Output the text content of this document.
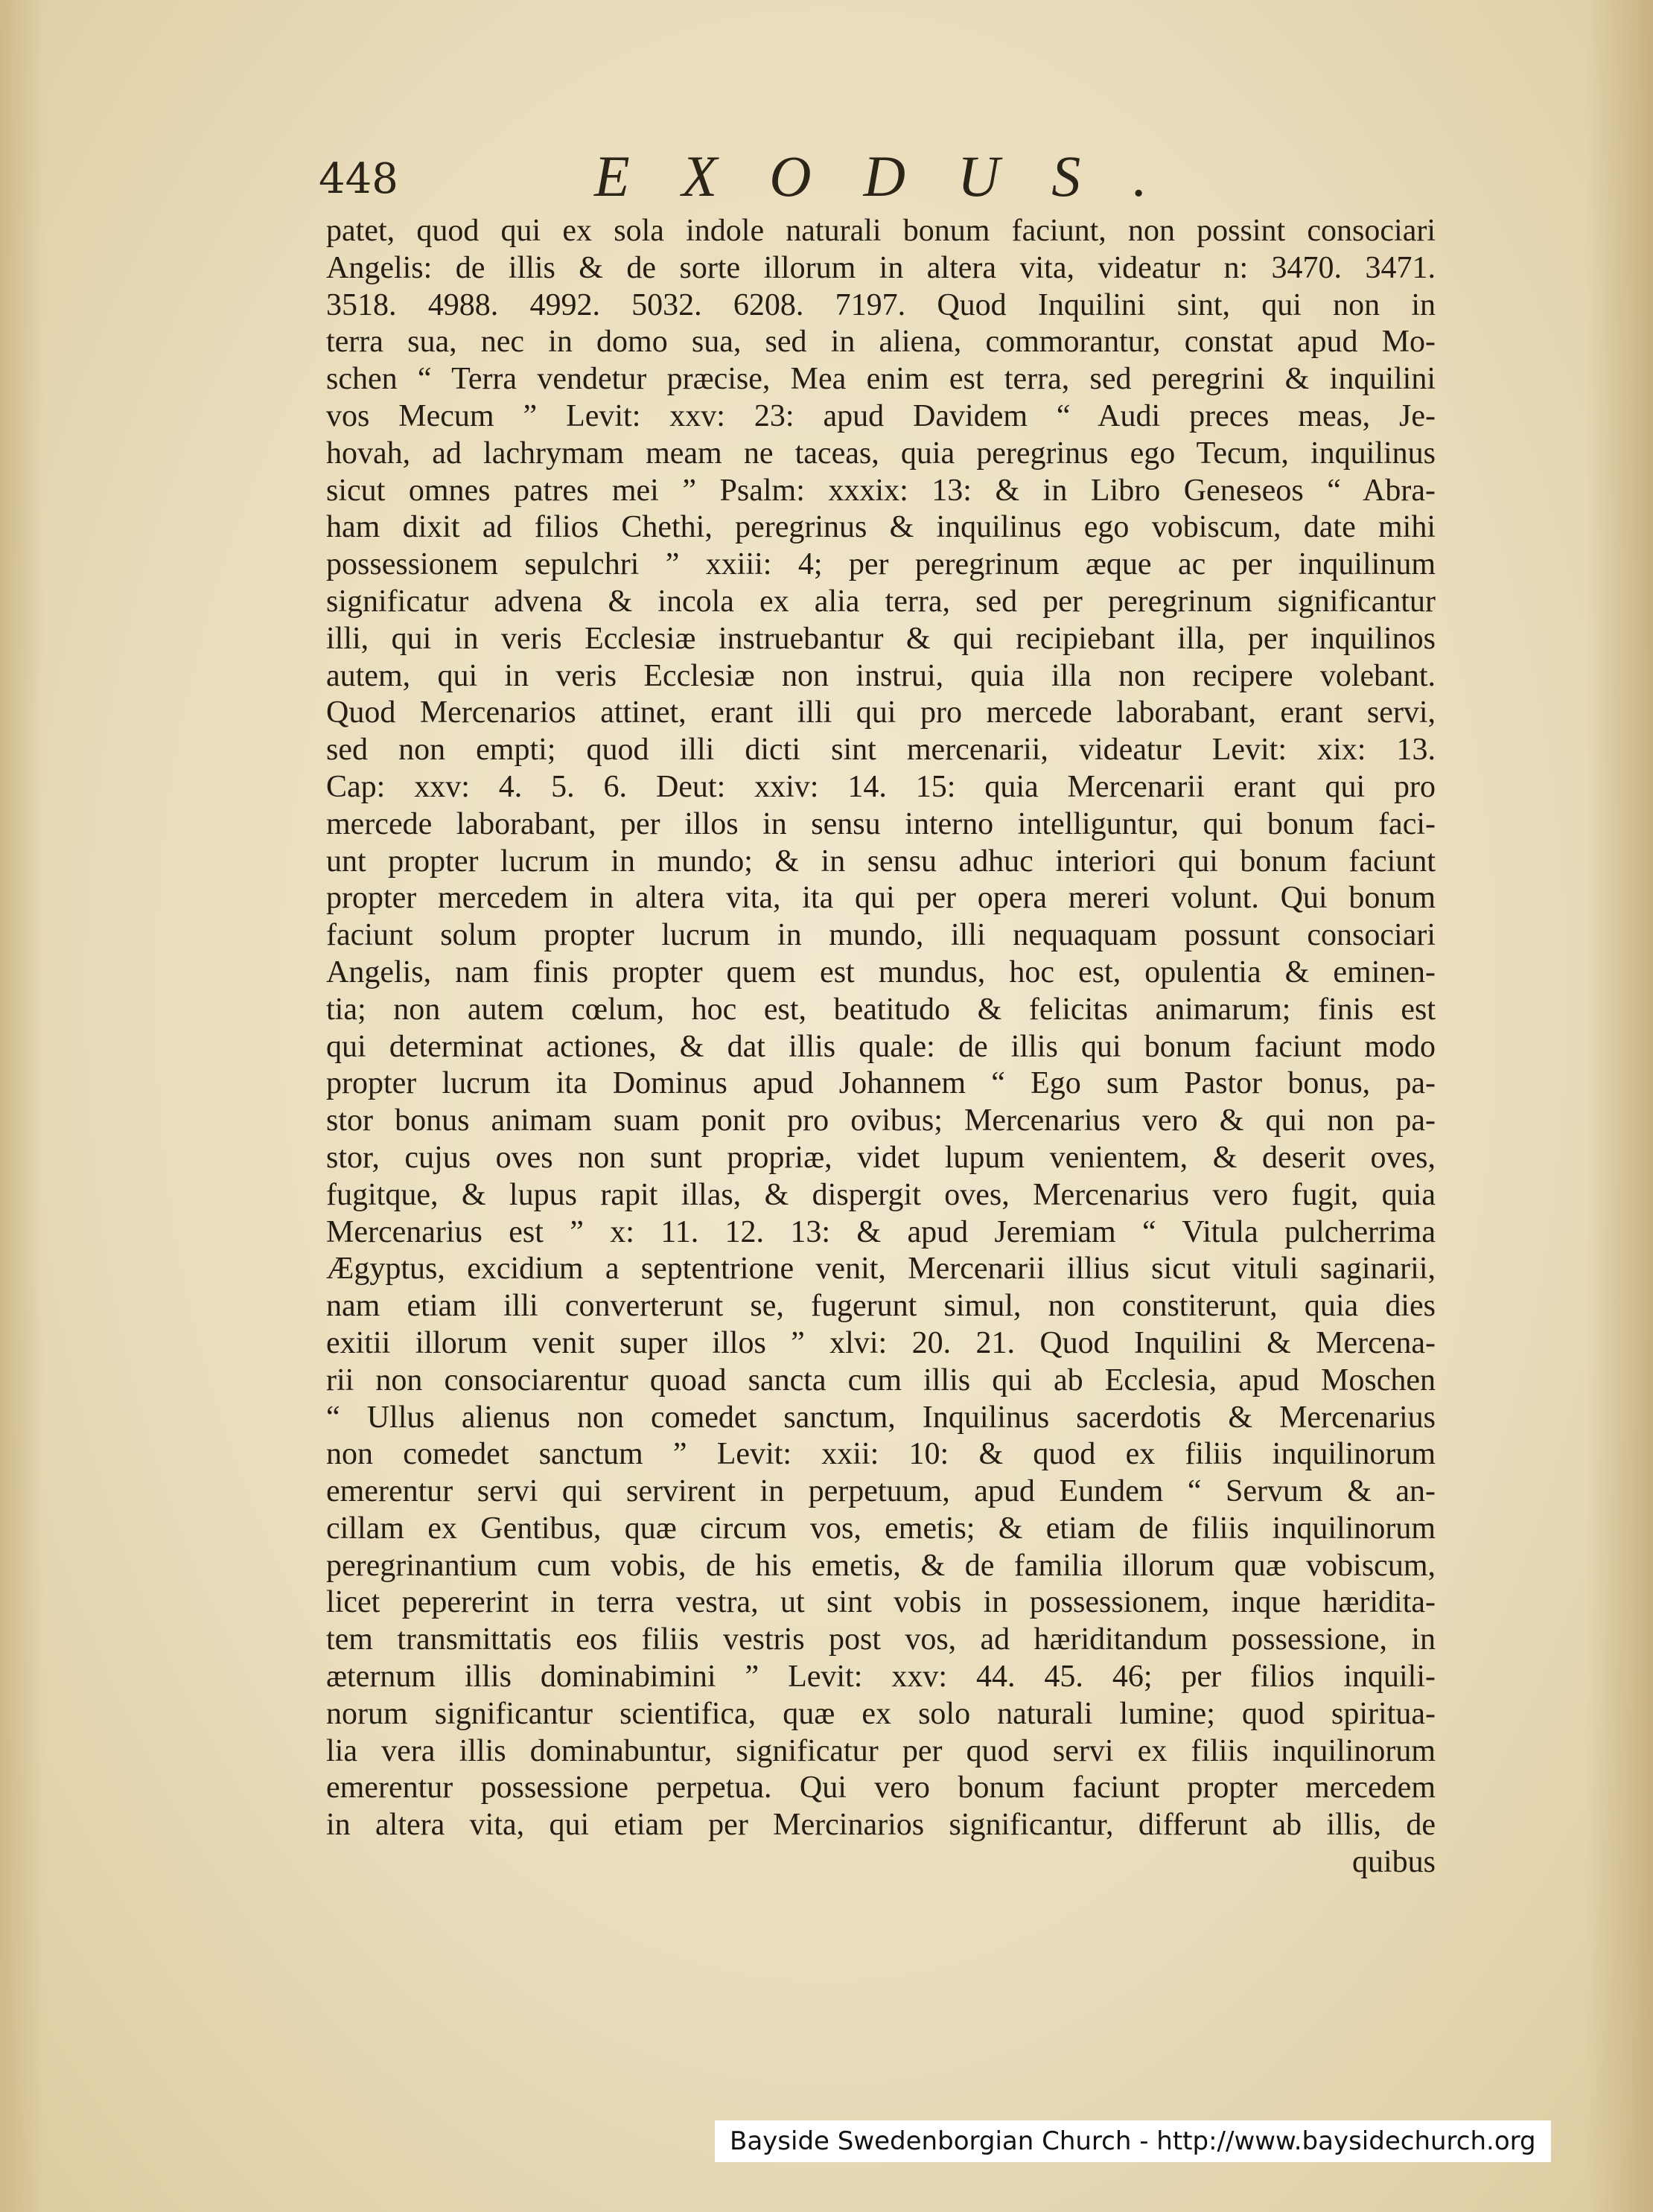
448	EXODUS.
patet, quod qui ex sola indole naturali bonum faciunt, non possint consociari
Angelis: de illis & de sorte illorum in altera vita, videatur n: 3470. 3471.
3518. 4988. 4992. 5032. 6208. 7197. Quod Inquilini sint, qui non in
terra sua, nec in domo sua, sed in aliena, commorantur, constat apud Mo-
schen “ Terra vendetur præcise, Mea enim est terra, sed peregrini & inquilini
vos Mecum ” Levit: xxv: 23: apud Davidem “ Audi preces meas, Je-
hovah, ad lachrymam meam ne taceas, quia peregrinus ego Tecum, inquilinus
sicut omnes patres mei ” Psalm: xxxix: 13: & in Libro Geneseos “ Abra-
ham dixit ad filios Chethi, peregrinus & inquilinus ego vobiscum, date mihi
possessionem sepulchri ” xxiii: 4; per peregrinum æque ac per inquilinum
significatur advena & incola ex alia terra, sed per peregrinum significantur
illi, qui in veris Ecclesiæ instruebantur & qui recipiebant illa, per inquilinos
autem, qui in veris Ecclesiæ non instrui, quia illa non recipere volebant.
Quod Mercenarios attinet, erant illi qui pro mercede laborabant, erant servi,
sed non empti; quod illi dicti sint mercenarii, videatur Levit: xix: 13.
Cap: xxv: 4. 5. 6. Deut: xxiv: 14. 15: quia Mercenarii erant qui pro
mercede laborabant, per illos in sensu interno intelliguntur, qui bonum faci-
unt propter lucrum in mundo; & in sensu adhuc interiori qui bonum faciunt
propter mercedem in altera vita, ita qui per opera mereri volunt. Qui bonum
faciunt solum propter lucrum in mundo, illi nequaquam possunt consociari
Angelis, nam finis propter quem est mundus, hoc est, opulentia & eminen-
tia; non autem cœlum, hoc est, beatitudo & felicitas animarum; finis est
qui determinat actiones, & dat illis quale: de illis qui bonum faciunt modo
propter lucrum ita Dominus apud Johannem “ Ego sum Pastor bonus, pa-
stor bonus animam suam ponit pro ovibus; Mercenarius vero & qui non pa-
stor, cujus oves non sunt propriæ, videt lupum venientem, & deserit oves,
fugitque, & lupus rapit illas, & dispergit oves, Mercenarius vero fugit, quia
Mercenarius est ” x: 11. 12. 13: & apud Jeremiam “ Vitula pulcherrima
Ægyptus, excidium a septentrione venit, Mercenarii illius sicut vituli saginarii,
nam etiam illi converterunt se, fugerunt simul, non constiterunt, quia dies
exitii illorum venit super illos ” xlvi: 20. 21. Quod Inquilini & Mercena-
rii non consociarentur quoad sancta cum illis qui ab Ecclesia, apud Moschen
“ Ullus alienus non comedet sanctum, Inquilinus sacerdotis & Mercenarius
non comedet sanctum ” Levit: xxii: 10: & quod ex filiis inquilinorum
emerentur servi qui servirent in perpetuum, apud Eundem “ Servum & an-
cillam ex Gentibus, quæ circum vos, emetis; & etiam de filiis inquilinorum
peregrinantium cum vobis, de his emetis, & de familia illorum quæ vobiscum,
licet pepererint in terra vestra, ut sint vobis in possessionem, inque hæridita-
tem transmittatis eos filiis vestris post vos, ad hæriditandum possessione, in
æternum illis dominabimini ” Levit: xxv: 44. 45. 46; per filios inquili-
norum significantur scientifica, quæ ex solo naturali lumine; quod spiritua-
lia vera illis dominabuntur, significatur per quod servi ex filiis inquilinorum
emerentur possessione perpetua. Qui vero bonum faciunt propter mercedem
in altera vita, qui etiam per Mercinarios significantur, differunt ab illis, de
quibus
Bayside Swedenborgian Church - http://www.baysidechurch.org
